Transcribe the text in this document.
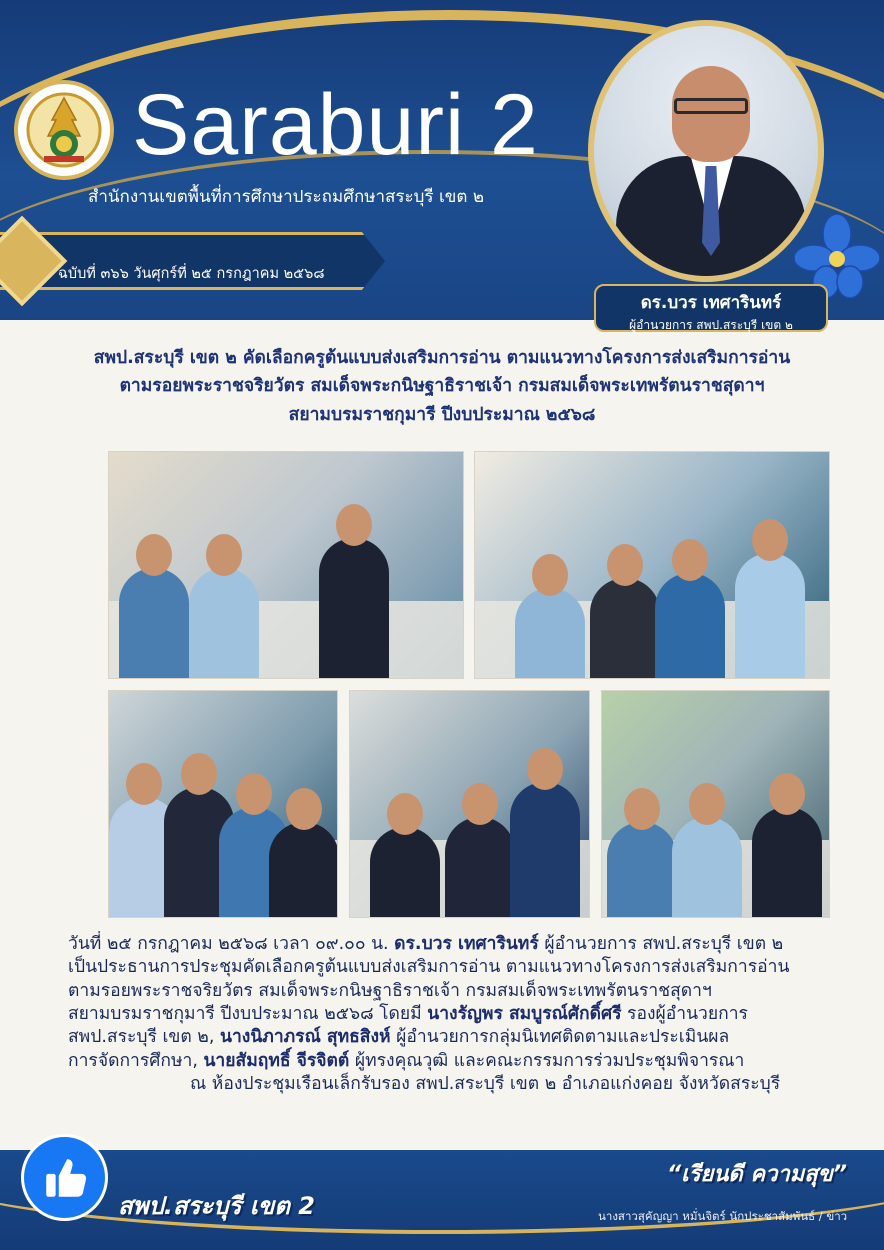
Saraburi 2
สำนักงานเขตพื้นที่การศึกษาประถมศึกษาสระบุรี เขต ๒
ฉบับที่ ๓๖๖ วันศุกร์ที่ ๒๕ กรกฎาคม ๒๕๖๘
ดร.บวร เทศารินทร์
ผู้อำนวยการ สพป.สระบุรี เขต ๒
สพป.สระบุรี เขต ๒ คัดเลือกครูต้นแบบส่งเสริมการอ่าน ตามแนวทางโครงการส่งเสริมการอ่าน
ตามรอยพระราชจริยวัตร สมเด็จพระกนิษฐาธิราชเจ้า กรมสมเด็จพระเทพรัตนราชสุดาฯ
สยามบรมราชกุมารี ปีงบประมาณ ๒๕๖๘
วันที่ ๒๕ กรกฎาคม ๒๕๖๘ เวลา ๐๙.๐๐ น. ดร.บวร เทศารินทร์ ผู้อำนวยการ สพป.สระบุรี เขต ๒
เป็นประธานการประชุมคัดเลือกครูต้นแบบส่งเสริมการอ่าน ตามแนวทางโครงการส่งเสริมการอ่าน
ตามรอยพระราชจริยวัตร สมเด็จพระกนิษฐาธิราชเจ้า กรมสมเด็จพระเทพรัตนราชสุดาฯ
สยามบรมราชกุมารี ปีงบประมาณ ๒๕๖๘ โดยมี นางรัญพร สมบูรณ์ศักดิ์ศรี รองผู้อำนวยการ
สพป.สระบุรี เขต ๒, นางนิภาภรณ์ สุทธสิงห์ ผู้อำนวยการกลุ่มนิเทศติดตามและประเมินผล
การจัดการศึกษา, นายสัมฤทธิ์ จีรจิตต์ ผู้ทรงคุณวุฒิ และคณะกรรมการร่วมประชุมพิจารณา
ณ ห้องประชุมเรือนเล็กรับรอง สพป.สระบุรี เขต ๒ อำเภอแก่งคอย จังหวัดสระบุรี
สพป.สระบุรี เขต 2
“เรียนดี ความสุข”
นางสาวสุคัญญา หมั่นจิตร์ นักประชาสัมพันธ์ / ข่าว
